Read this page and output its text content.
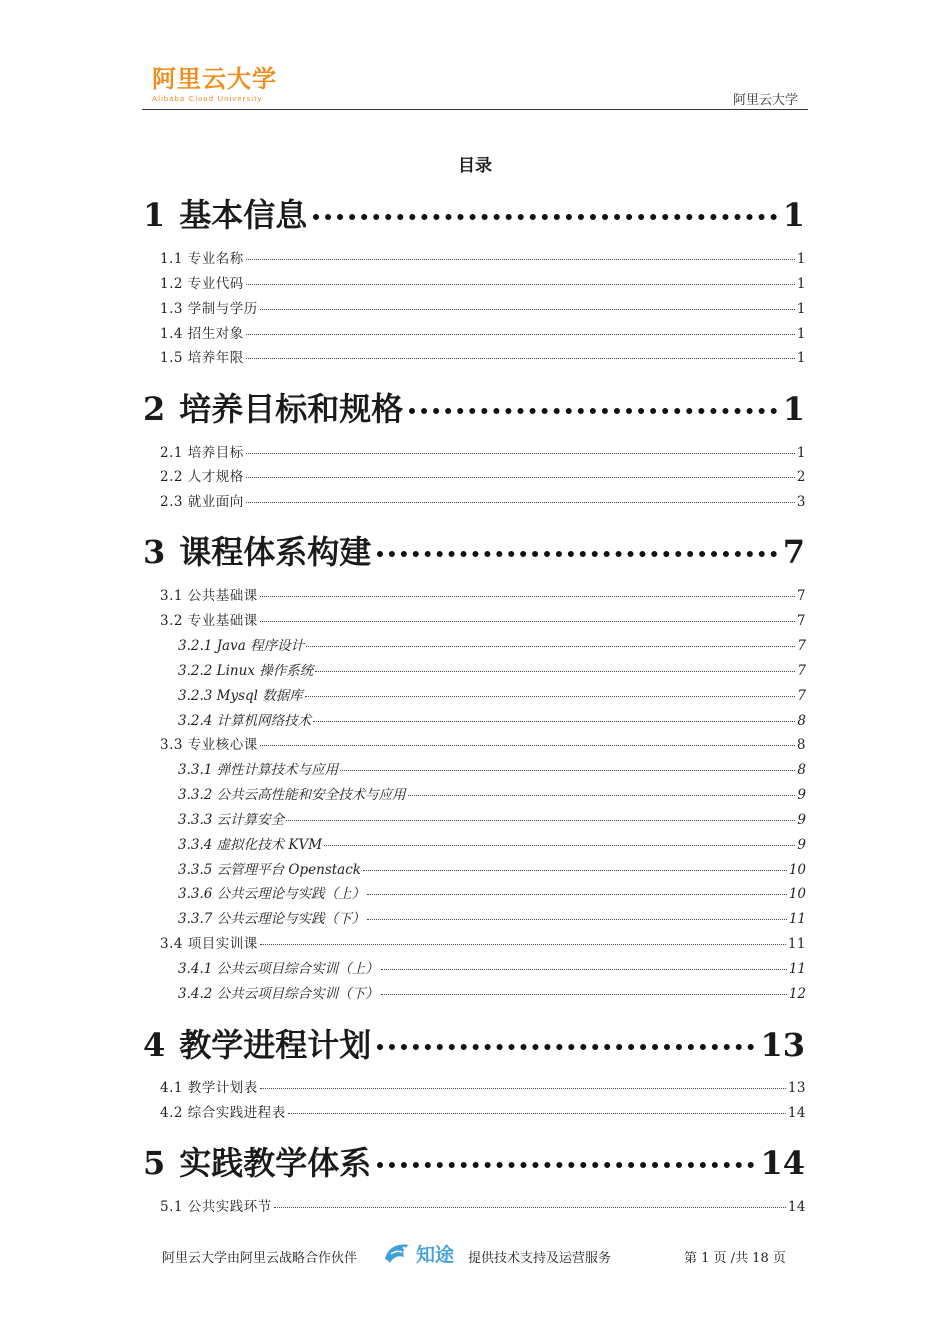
阿里云大学
Alibaba Cloud University	阿里云大学
目录
1 基本信息	1
1.1 专业名称	1
1.2 专业代码	1
1.3 学制与学历	1
1.4 招生对象	1
1.5 培养年限	1
2 培养目标和规格	1
2.1 培养目标	1
2.2 人才规格	2
2.3 就业面向	3
3 课程体系构建	7
3.1 公共基础课	7
3.2 专业基础课	7
3.2.1 Java 程序设计	7
3.2.2 Linux 操作系统	7
3.2.3 Mysql 数据库	7
3.2.4 计算机网络技术	8
3.3 专业核心课	8
3.3.1 弹性计算技术与应用	8
3.3.2 公共云高性能和安全技术与应用	9
3.3.3 云计算安全	9
3.3.4 虚拟化技术 KVM	9
3.3.5 云管理平台 Openstack	10
3.3.6 公共云理论与实践（上）	10
3.3.7 公共云理论与实践（下）	11
3.4 项目实训课	11
3.4.1 公共云项目综合实训（上）	11
3.4.2 公共云项目综合实训（下）	12
4 教学进程计划	13
4.1 教学计划表	13
4.2 综合实践进程表	14
5 实践教学体系	14
5.1 公共实践环节	14
阿里云大学由阿里云战略合作伙伴	知途 提供技术支持及运营服务	第 1 页 /共 18 页
